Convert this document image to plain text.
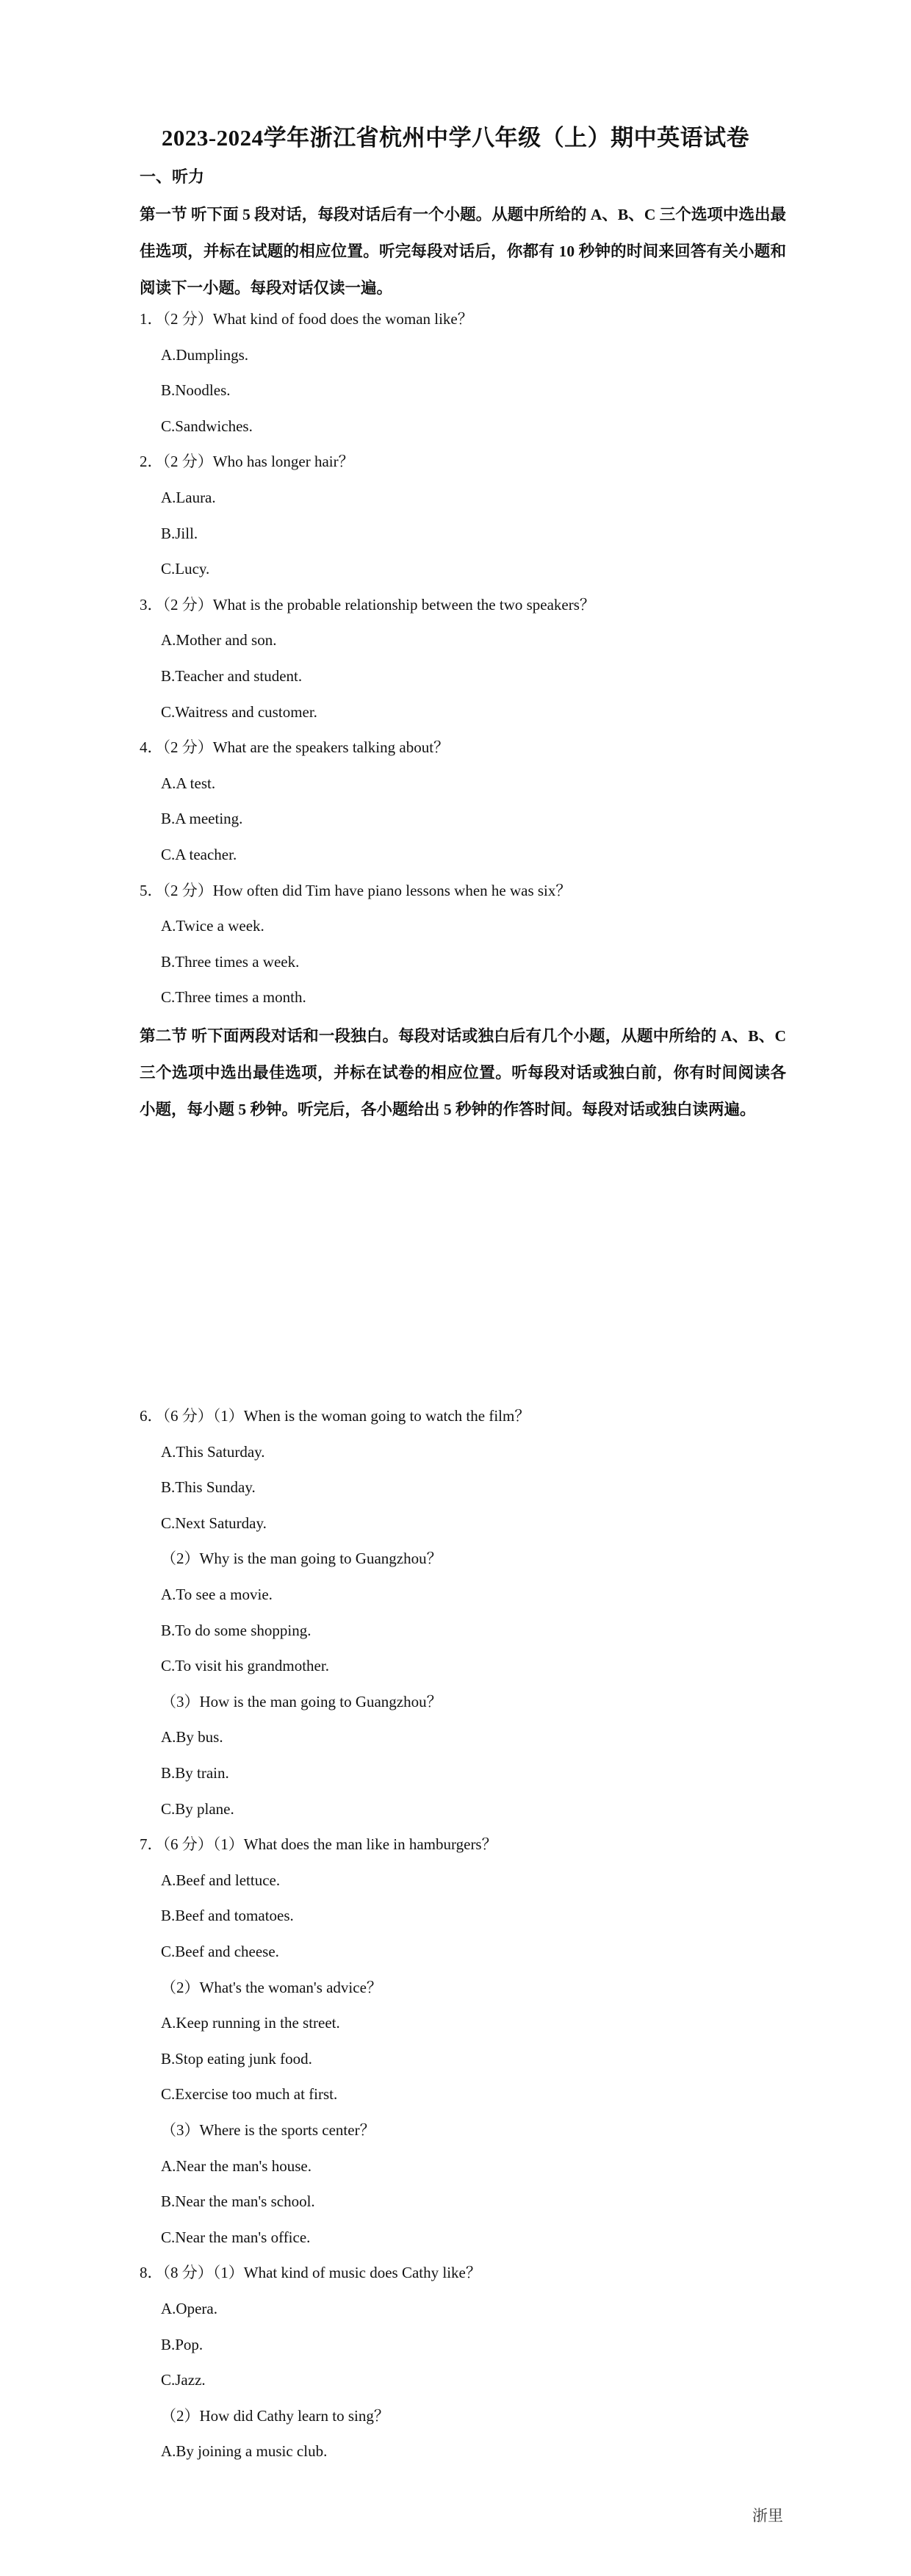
2023-2024学年浙江省杭州中学八年级（上）期中英语试卷
一、听力
第一节 听下面 5 段对话，每段对话后有一个小题。从题中所给的 A、B、C 三个选项中选出最佳选项，并标在试题的相应位置。听完每段对话后，你都有 10 秒钟的时间来回答有关小题和阅读下一小题。每段对话仅读一遍。
1．（2 分）What kind of food does the woman like？
A.Dumplings.
B.Noodles.
C.Sandwiches.
2．（2 分）Who has longer hair？
A.Laura.
B.Jill.
C.Lucy.
3．（2 分）What is the probable relationship between the two speakers？
A.Mother and son.
B.Teacher and student.
C.Waitress and customer.
4．（2 分）What are the speakers talking about？
A.A test.
B.A meeting.
C.A teacher.
5．（2 分）How often did Tim have piano lessons when he was six？
A.Twice a week.
B.Three times a week.
C.Three times a month.
第二节 听下面两段对话和一段独白。每段对话或独白后有几个小题，从题中所给的 A、B、C 三个选项中选出最佳选项，并标在试卷的相应位置。听每段对话或独白前，你有时间阅读各小题，每小题 5 秒钟。听完后，各小题给出 5 秒钟的作答时间。每段对话或独白读两遍。
6．（6 分）（1）When is the woman going to watch the film？
A.This Saturday.
B.This Sunday.
C.Next Saturday.
（2）Why is the man going to Guangzhou？
A.To see a movie.
B.To do some shopping.
C.To visit his grandmother.
（3）How is the man going to Guangzhou？
A.By bus.
B.By train.
C.By plane.
7．（6 分）（1）What does the man like in hamburgers？
A.Beef and lettuce.
B.Beef and tomatoes.
C.Beef and cheese.
（2）What's the woman's advice？
A.Keep running in the street.
B.Stop eating junk food.
C.Exercise too much at first.
（3）Where is the sports center？
A.Near the man's house.
B.Near the man's school.
C.Near the man's office.
8．（8 分）（1）What kind of music does Cathy like？
A.Opera.
B.Pop.
C.Jazz.
（2）How did Cathy learn to sing？
A.By joining a music club.
浙里
